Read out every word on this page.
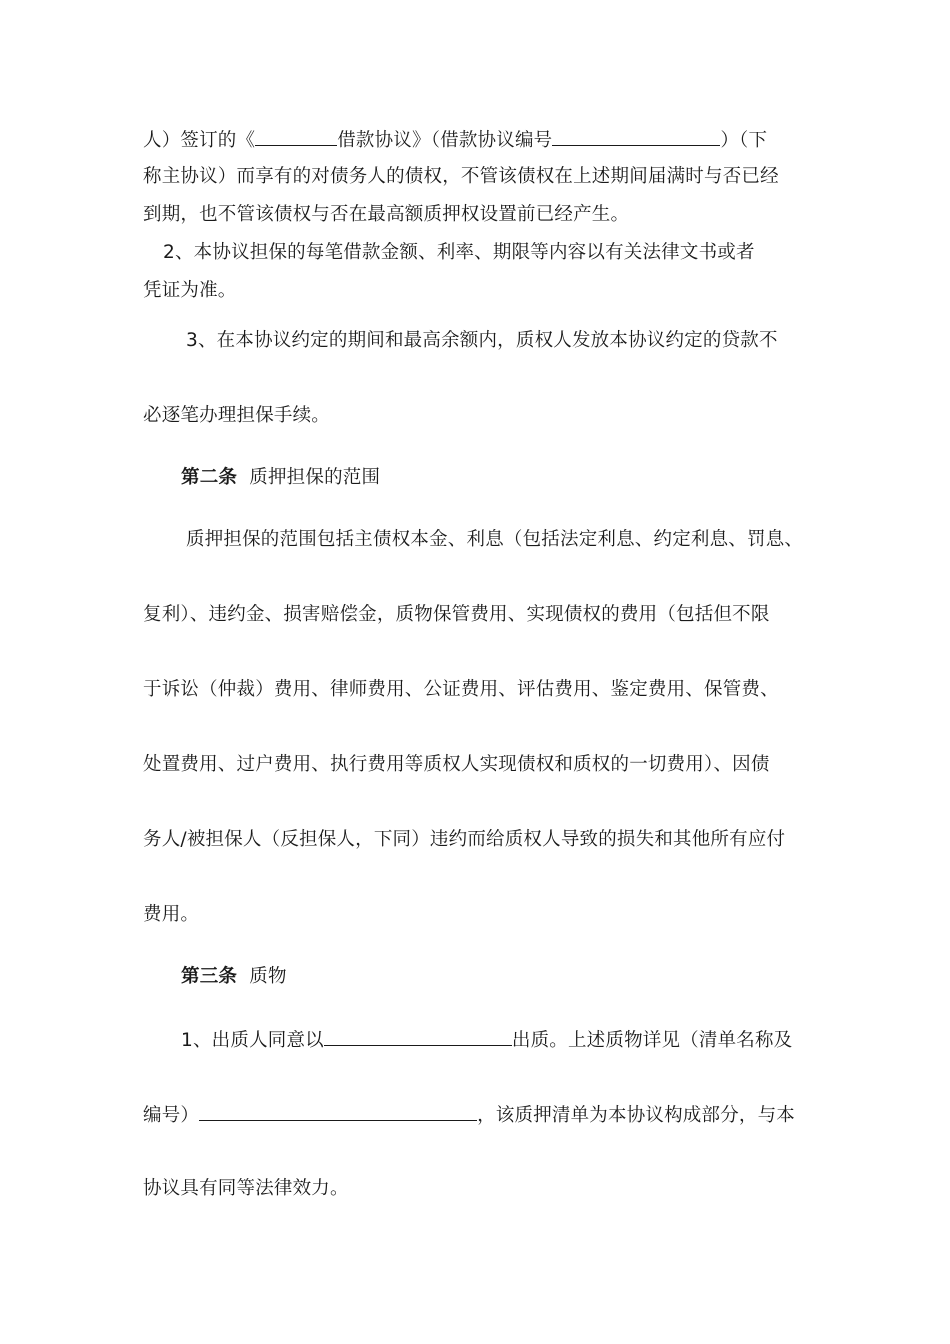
人）签订的《	借款协议》（借款协议编号	）（下
称主协议）而享有的对债务人的债权，不管该债权在上述期间届满时与否已经
到期，也不管该债权与否在最高额质押权设置前已经产生。
2、本协议担保的每笔借款金额、利率、期限等内容以有关法律文书或者
凭证为准。
3、在本协议约定的期间和最高余额内，质权人发放本协议约定的贷款不
必逐笔办理担保手续。
第二条 质押担保的范围
质押担保的范围包括主债权本金、利息（包括法定利息、约定利息、罚息、
复利）、违约金、损害赔偿金，质物保管费用、实现债权的费用（包括但不限
于诉讼（仲裁）费用、律师费用、公证费用、评估费用、鉴定费用、保管费、
处置费用、过户费用、执行费用等质权人实现债权和质权的一切费用）、因债
务人/被担保人（反担保人，下同）违约而给质权人导致的损失和其他所有应付
费用。
第三条 质物
1、出质人同意以	出质。上述质物详见（清单名称及
编号）	，该质押清单为本协议构成部分，与本
协议具有同等法律效力。
